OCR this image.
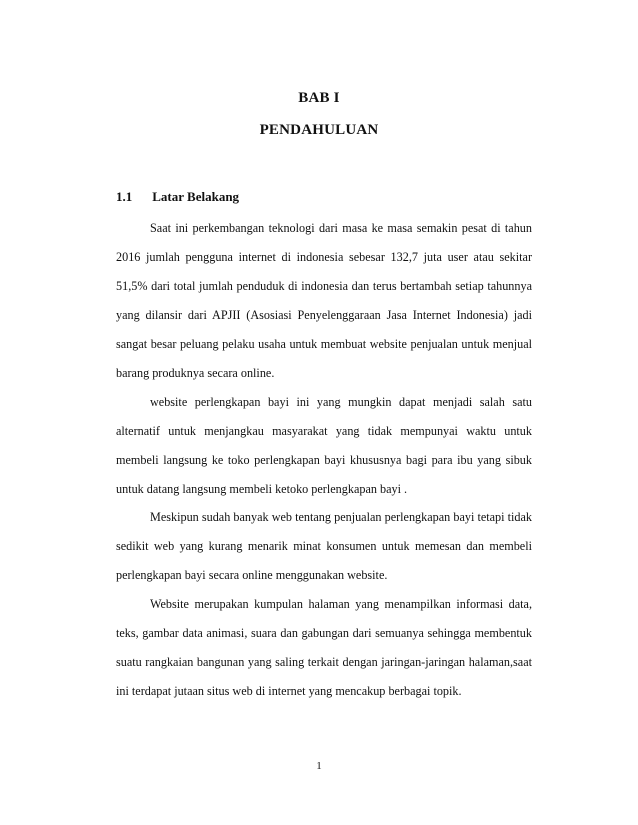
BAB I
PENDAHULUAN
1.1 Latar Belakang

Saat ini perkembangan teknologi dari masa ke masa semakin pesat di tahun 2016 jumlah pengguna internet di indonesia sebesar 132,7 juta user atau sekitar 51,5% dari total jumlah penduduk di indonesia dan terus bertambah setiap tahunnya yang dilansir dari APJII (Asosiasi Penyelenggaraan Jasa Internet Indonesia) jadi sangat besar peluang pelaku usaha untuk membuat website penjualan untuk menjual barang produknya secara online.

website perlengkapan bayi ini yang mungkin dapat menjadi salah satu alternatif untuk menjangkau masyarakat yang tidak mempunyai waktu untuk membeli langsung ke toko perlengkapan bayi khususnya bagi para ibu yang sibuk untuk datang langsung membeli ketoko perlengkapan bayi .

Meskipun sudah banyak web tentang penjualan perlengkapan bayi tetapi tidak sedikit web yang kurang menarik minat konsumen untuk memesan dan membeli perlengkapan bayi secara online menggunakan website.

Website merupakan kumpulan halaman yang menampilkan informasi data, teks, gambar data animasi, suara dan gabungan dari semuanya sehingga membentuk suatu rangkaian bangunan yang saling terkait dengan jaringan-jaringan halaman,saat ini terdapat jutaan situs web di internet yang mencakup berbagai topik.

1
